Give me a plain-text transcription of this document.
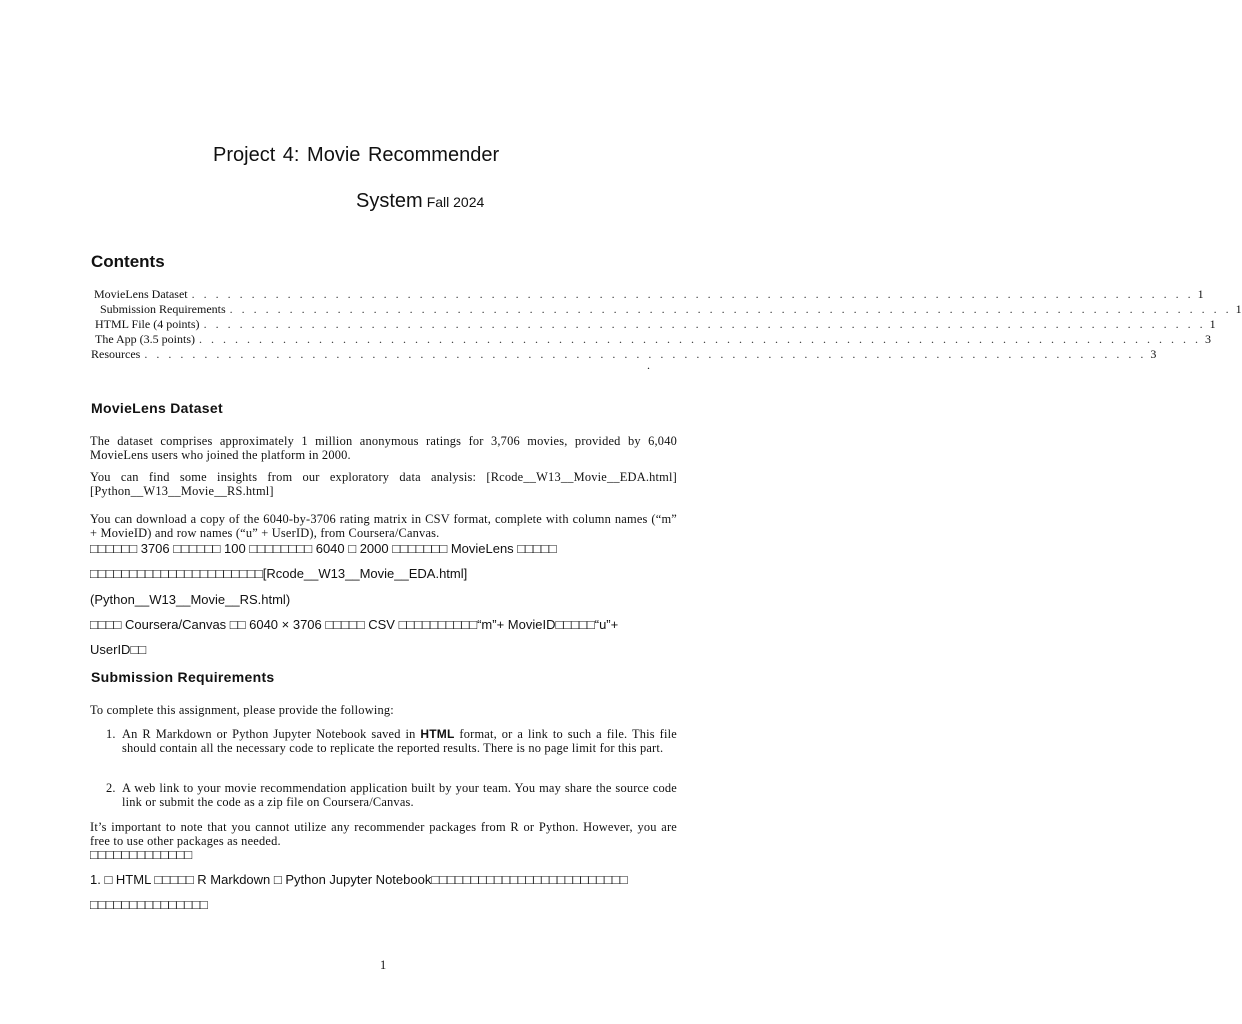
Project 4: Movie Recommender
System Fall 2024
Contents
MovieLens Dataset . . . . . . . . . . . . . . . . . . . . . . . . . . . . . . . . . . . . . . . . . . . . . . . . . . . . . . . . . . . . . . . . . . . . . . . . . . . . . . . . . . . . 1
Submission Requirements . . . . . . . . . . . . . . . . . . . . . . . . . . . . . . . . . . . . . . . . . . . . . . . . . . . . . . . . . . . . . . . . . . . . . . . . . . . . . . . . . . . . 1
HTML File (4 points) . . . . . . . . . . . . . . . . . . . . . . . . . . . . . . . . . . . . . . . . . . . . . . . . . . . . . . . . . . . . . . . . . . . . . . . . . . . . . . . . . . . . 1
The App (3.5 points) . . . . . . . . . . . . . . . . . . . . . . . . . . . . . . . . . . . . . . . . . . . . . . . . . . . . . . . . . . . . . . . . . . . . . . . . . . . . . . . . . . . . 3
Resources . . . . . . . . . . . . . . . . . . . . . . . . . . . . . . . . . . . . . . . . . . . . . . . . . . . . . . . . . . . . . . . . . . . . . . . . . . . . . . . . . . . . 3
.
MovieLens Dataset
The dataset comprises approximately 1 million anonymous ratings for 3,706 movies, provided by 6,040 MovieLens users who joined the platform in 2000.
You can find some insights from our exploratory data analysis: [Rcode__W13__Movie__EDA.html] [Python__W13__Movie__RS.html]
You can download a copy of the 6040-by-3706 rating matrix in CSV format, complete with column names (“m” + MovieID) and row names (“u” + UserID), from Coursera/Canvas.
□□□□□□ 3706 □□□□□□ 100 □□□□□□□□ 6040 □ 2000 □□□□□□□ MovieLens □□□□□
□□□□□□□□□□□□□□□□□□□□□□[Rcode__W13__Movie__EDA.html]
(Python__W13__Movie__RS.html)
□□□□ Coursera/Canvas □□ 6040 × 3706 □□□□□ CSV □□□□□□□□□□“m”+ MovieID□□□□□“u”+
UserID□□
Submission Requirements
To complete this assignment, please provide the following:
1. An R Markdown or Python Jupyter Notebook saved in HTML format, or a link to such a file. This file should contain all the necessary code to replicate the reported results. There is no page limit for this part.
2. A web link to your movie recommendation application built by your team. You may share the source code link or submit the code as a zip file on Coursera/Canvas.
It’s important to note that you cannot utilize any recommender packages from R or Python. However, you are free to use other packages as needed.
□□□□□□□□□□□□□
1. □ HTML □□□□□ R Markdown □ Python Jupyter Notebook□□□□□□□□□□□□□□□□□□□□□□□□□
□□□□□□□□□□□□□□□
1
